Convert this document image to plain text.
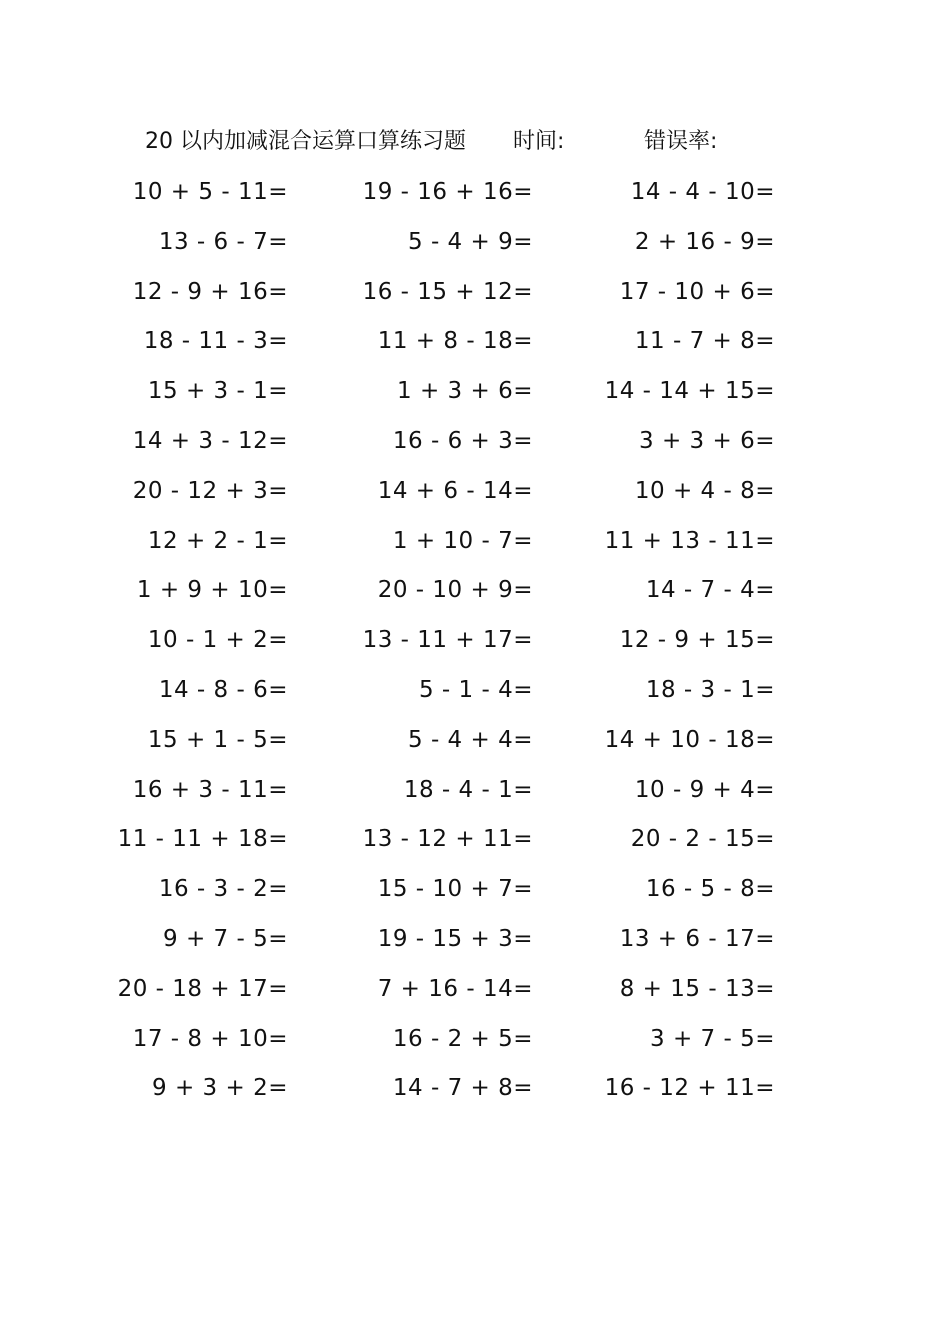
20 以内加减混合运算口算练习题 时间:	错误率:
10 + 5 - 11=	19 - 16 + 16=	14 - 4 - 10=
13 - 6 - 7=	5 - 4 + 9=	2 + 16 - 9=
12 - 9 + 16=	16 - 15 + 12=	17 - 10 + 6=
18 - 11 - 3=	11 + 8 - 18=	11 - 7 + 8=
15 + 3 - 1=	1 + 3 + 6=	14 - 14 + 15=
14 + 3 - 12=	16 - 6 + 3=	3 + 3 + 6=
20 - 12 + 3=	14 + 6 - 14=	10 + 4 - 8=
12 + 2 - 1=	1 + 10 - 7=	11 + 13 - 11=
1 + 9 + 10=	20 - 10 + 9=	14 - 7 - 4=
10 - 1 + 2=	13 - 11 + 17=	12 - 9 + 15=
14 - 8 - 6=	5 - 1 - 4=	18 - 3 - 1=
15 + 1 - 5=	5 - 4 + 4=	14 + 10 - 18=
16 + 3 - 11=	18 - 4 - 1=	10 - 9 + 4=
11 - 11 + 18=	13 - 12 + 11=	20 - 2 - 15=
16 - 3 - 2=	15 - 10 + 7=	16 - 5 - 8=
9 + 7 - 5=	19 - 15 + 3=	13 + 6 - 17=
20 - 18 + 17=	7 + 16 - 14=	8 + 15 - 13=
17 - 8 + 10=	16 - 2 + 5=	3 + 7 - 5=
9 + 3 + 2=	14 - 7 + 8=	16 - 12 + 11=
